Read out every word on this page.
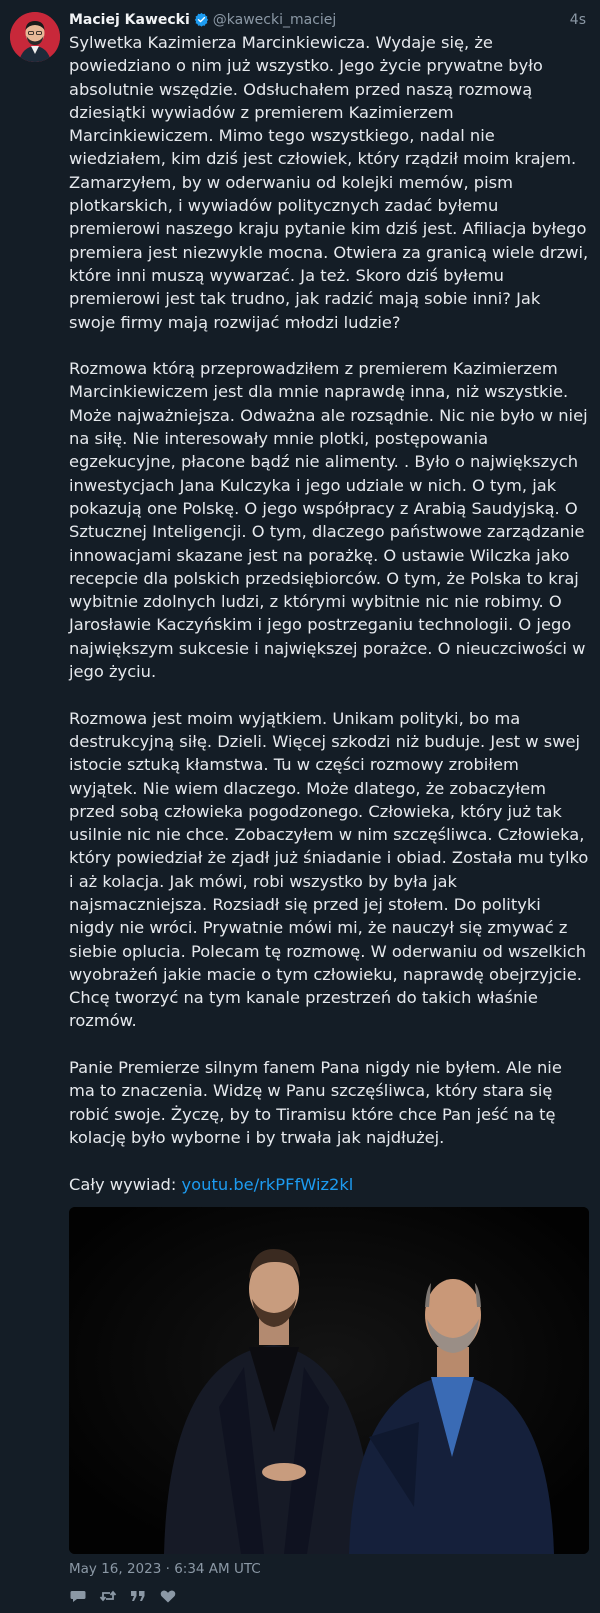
Maciej Kawecki @kawecki_maciej	4s

Sylwetka Kazimierza Marcinkiewicza. Wydaje się, że powiedziano o nim już wszystko. Jego życie prywatne było absolutnie wszędzie. Odsłuchałem przed naszą rozmową dziesiątki wywiadów z premierem Kazimierzem Marcinkiewiczem. Mimo tego wszystkiego, nadal nie wiedziałem, kim dziś jest człowiek, który rządził moim krajem. Zamarzyłem, by w oderwaniu od kolejki memów, pism plotkarskich, i wywiadów politycznych zadać byłemu premierowi naszego kraju pytanie kim dziś jest. Afiliacja byłego premiera jest niezwykle mocna. Otwiera za granicą wiele drzwi, które inni muszą wywarzać. Ja też. Skoro dziś byłemu premierowi jest tak trudno, jak radzić mają sobie inni? Jak swoje firmy mają rozwijać młodzi ludzie?

Rozmowa którą przeprowadziłem z premierem Kazimierzem Marcinkiewiczem jest dla mnie naprawdę inna, niż wszystkie. Może najważniejsza. Odważna ale rozsądnie. Nic nie było w niej na siłę. Nie interesowały mnie plotki, postępowania egzekucyjne, płacone bądź nie alimenty. . Było o największych inwestycjach Jana Kulczyka i jego udziale w nich. O tym, jak pokazują one Polskę. O jego współpracy z Arabią Saudyjską. O Sztucznej Inteligencji. O tym, dlaczego państwowe zarządzanie innowacjami skazane jest na porażkę. O ustawie Wilczka jako recepcie dla polskich przedsiębiorców. O tym, że Polska to kraj wybitnie zdolnych ludzi, z którymi wybitnie nic nie robimy. O Jarosławie Kaczyńskim i jego postrzeganiu technologii. O jego największym sukcesie i największej porażce. O nieuczciwości w jego życiu.

Rozmowa jest moim wyjątkiem. Unikam polityki, bo ma destrukcyjną siłę. Dzieli. Więcej szkodzi niż buduje. Jest w swej istocie sztuką kłamstwa. Tu w części rozmowy zrobiłem wyjątek. Nie wiem dlaczego. Może dlatego, że zobaczyłem przed sobą człowieka pogodzonego. Człowieka, który już tak usilnie nic nie chce. Zobaczyłem w nim szczęśliwca. Człowieka, który powiedział że zjadł już śniadanie i obiad. Została mu tylko i aż kolacja. Jak mówi, robi wszystko by była jak najsmaczniejsza. Rozsiadł się przed jej stołem. Do polityki nigdy nie wróci. Prywatnie mówi mi, że nauczył się zmywać z siebie oplucia. Polecam tę rozmowę. W oderwaniu od wszelkich wyobrażeń jakie macie o tym człowieku, naprawdę obejrzyjcie. Chcę tworzyć na tym kanale przestrzeń do takich właśnie rozmów.

Panie Premierze silnym fanem Pana nigdy nie byłem. Ale nie ma to znaczenia. Widzę w Panu szczęśliwca, który stara się robić swoje. Życzę, by to Tiramisu które chce Pan jeść na tę kolację było wyborne i by trwała jak najdłużej.

Cały wywiad: youtu.be/rkPFfWiz2kl

May 16, 2023 · 6:34 AM UTC
